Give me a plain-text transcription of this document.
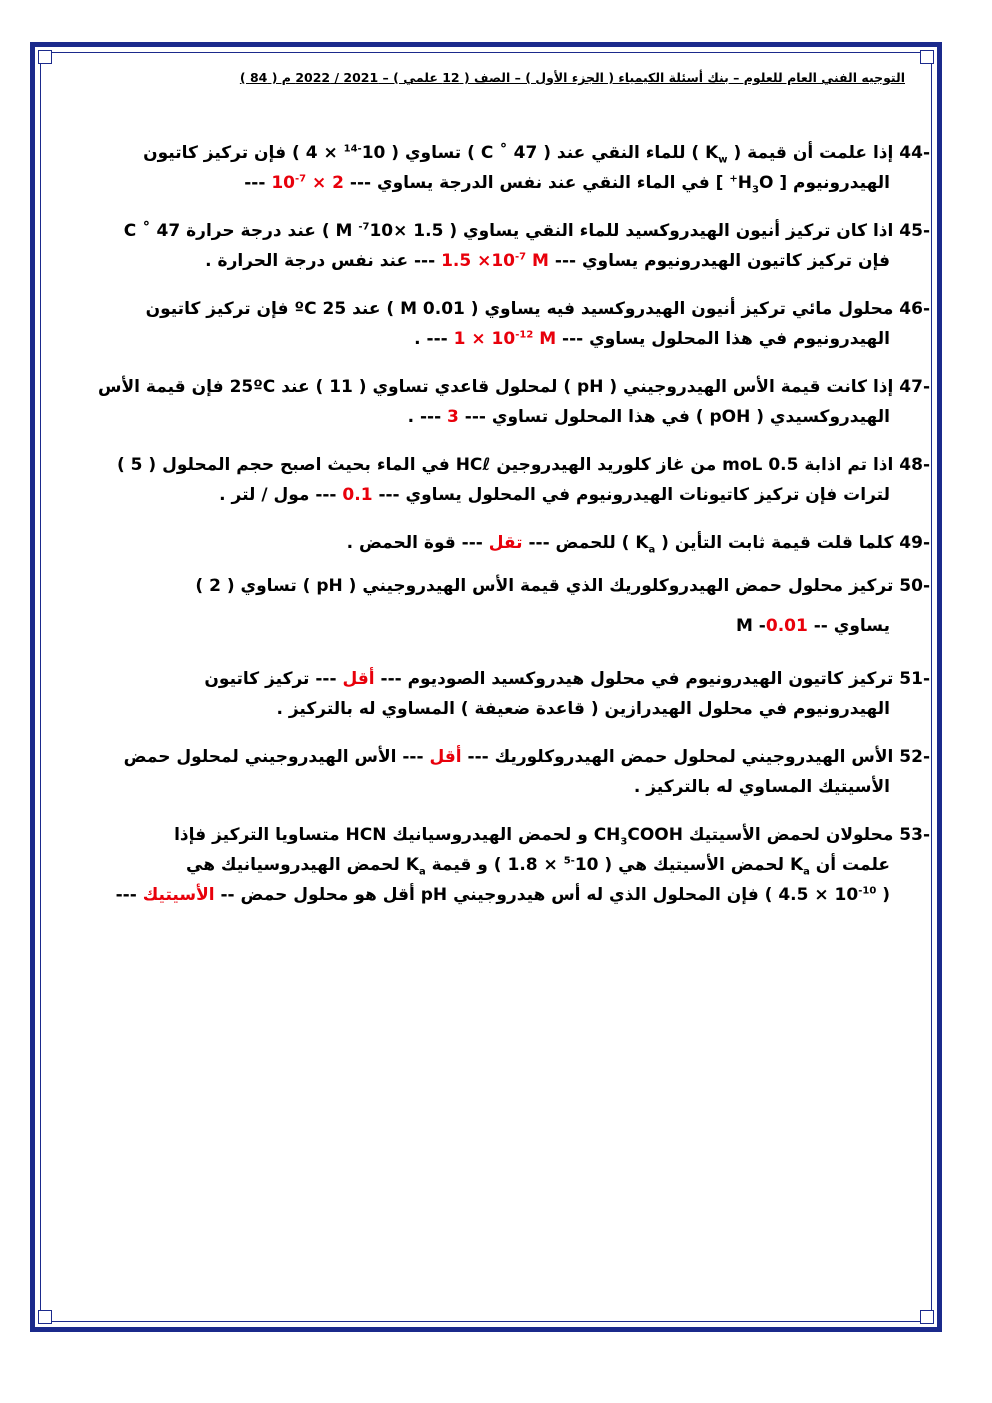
التوجيه الفني العام للعلوم – بنك أسئلة الكيمياء ( الجزء الأول ) – الصف ( 12 علمي ) – 2021 / 2022 م ( 84 )
44- إذا علمت أن قيمة ( $K_w$ ) للماء النقي عند ( C ˚ 47 ) تساوي ( $10^{-14} \times 4$ ) فإن تركيز كاتيون
الهيدرونيوم [ $H_3O^+$ ] في الماء النقي عند نفس الدرجة يساوي --- $10^{-7} \times 2$ ---
45- اذا كان تركيز أنيون الهيدروكسيد للماء النقي يساوي ( M $^{-7}$10× 1.5 ) عند درجة حرارة C ˚ 47
فإن تركيز كاتيون الهيدرونيوم يساوي --- $1.5 \times 10^{-7}$ M --- عند نفس درجة الحرارة .
46- محلول مائي تركيز أنيون الهيدروكسيد فيه يساوي ( 0.01 M ) عند 25 ºC فإن تركيز كاتيون
الهيدرونيوم في هذا المحلول يساوي --- $1 \times 10^{-12}$ M --- .
47- إذا كانت قيمة الأس الهيدروجيني ( pH ) لمحلول قاعدي تساوي ( 11 ) عند 25ºC فإن قيمة الأس
الهيدروكسيدي ( pOH ) في هذا المحلول تساوي --- 3 --- .
48- اذا تم اذابة 0.5 moL من غاز كلوريد الهيدروجين HCℓ في الماء بحيث اصبح حجم المحلول ( 5 )
لترات فإن تركيز كاتيونات الهيدرونيوم في المحلول يساوي --- 0.1 --- مول / لتر .
49- كلما قلت قيمة ثابت التأين ( $K_a$ ) للحمض --- تقل --- قوة الحمض .
50- تركيز محلول حمض الهيدروكلوريك الذي قيمة الأس الهيدروجيني ( pH ) تساوي ( 2 )
يساوي -- 0.01- M
51- تركيز كاتيون الهيدرونيوم في محلول هيدروكسيد الصوديوم --- أقل --- تركيز كاتيون
الهيدرونيوم في محلول الهيدرازين ( قاعدة ضعيفة ) المساوي له بالتركيز .
52- الأس الهيدروجيني لمحلول حمض الهيدروكلوريك --- أقل --- الأس الهيدروجيني لمحلول حمض
الأسيتيك المساوي له بالتركيز .
53- محلولان لحمض الأسيتيك $CH_3COOH$ و لحمض الهيدروسيانيك HCN متساويا التركيز فإذا
علمت أن $K_a$ لحمض الأسيتيك هي ( $10^{-5} \times 1.8$ ) و قيمة $K_a$ لحمض الهيدروسيانيك هي
( $10^{-10} \times 4.5$ ) فإن المحلول الذي له أس هيدروجيني pH أقل هو محلول حمض -- الأسيتيك ---
